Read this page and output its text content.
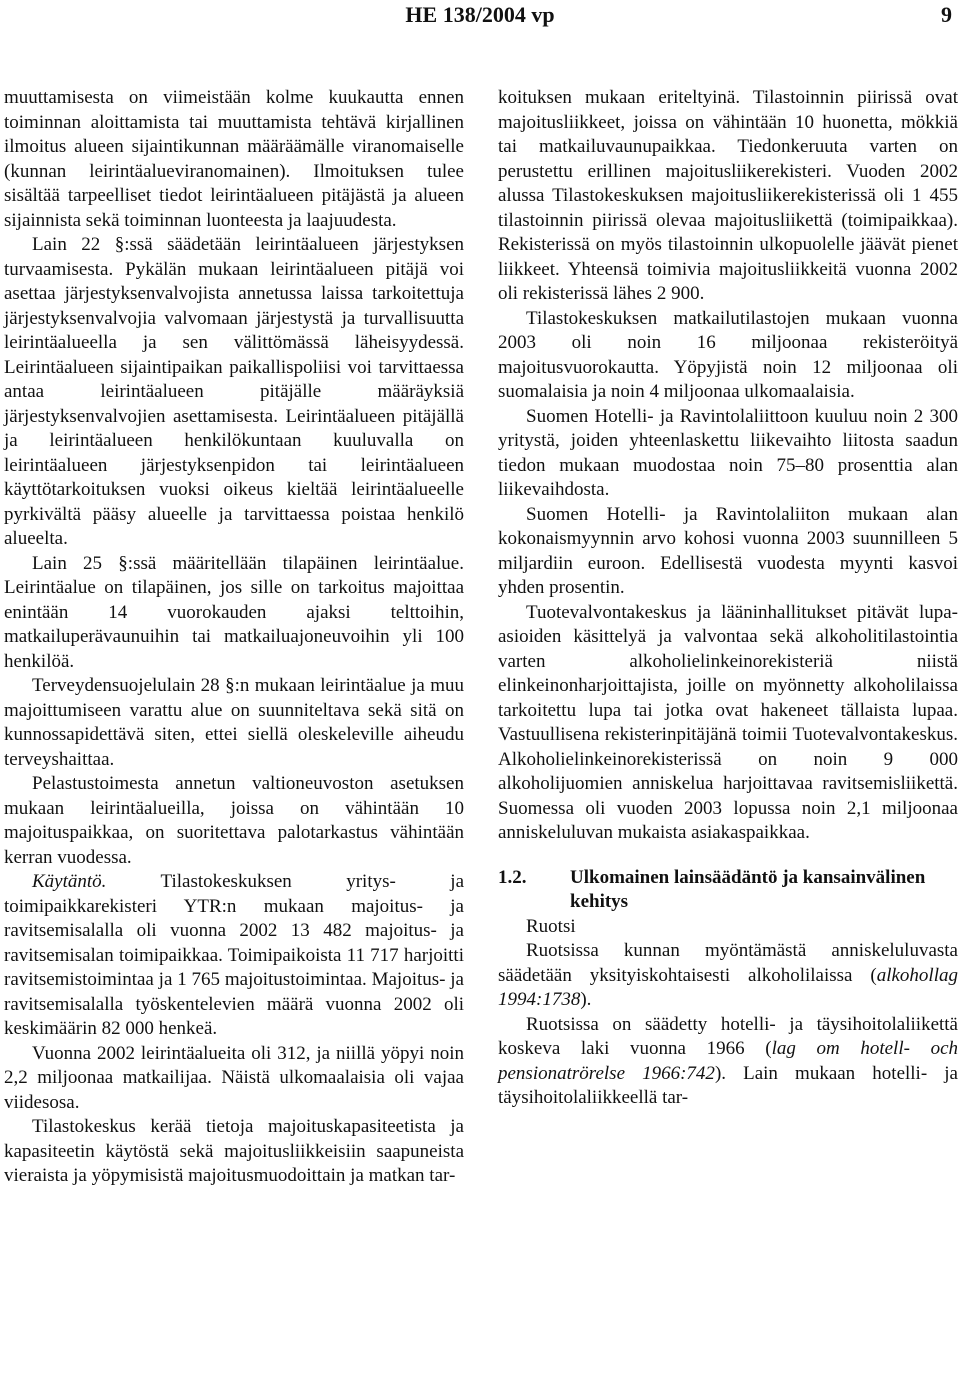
HE 138/2004 vp	9

muuttamisesta on viimeistään kolme kuukautta ennen toiminnan aloittamista tai muuttamista tehtävä kirjallinen ilmoitus alueen sijaintikunnan määräämälle viranomaiselle (kunnan leirintäalueviranomainen). Ilmoituksen tulee sisältää tarpeelliset tiedot leirintäalueen pitäjästä ja alueen sijainnista sekä toiminnan luonteesta ja laajuudesta.

Lain 22 §:ssä säädetään leirintäalueen järjestyksen turvaamisesta. Pykälän mukaan leirintäalueen pitäjä voi asettaa järjestyksenvalvojista annetussa laissa tarkoitettuja järjestyksenvalvojia valvomaan järjestystä ja turvallisuutta leirintäalueella ja sen välittömässä läheisyydessä. Leirintäalueen sijaintipaikan paikallispoliisi voi tarvittaessa antaa leirintäalueen pitäjälle määräyksiä järjestyksenvalvojien asettamisesta. Leirintäalueen pitäjällä ja leirintäalueen henkilökuntaan kuuluvalla on leirintäalueen järjestyksenpidon tai leirintäalueen käyttötarkoituksen vuoksi oikeus kieltää leirintäalueelle pyrkivältä pääsy alueelle ja tarvittaessa poistaa henkilö alueelta.

Lain 25 §:ssä määritellään tilapäinen leirintäalue. Leirintäalue on tilapäinen, jos sille on tarkoitus majoittaa enintään 14 vuorokauden ajaksi telttoihin, matkailuperävaunuihin tai matkailuajoneuvoihin yli 100 henkilöä.

Terveydensuojelulain 28 §:n mukaan leirintäalue ja muu majoittumiseen varattu alue on suunniteltava sekä sitä on kunnossapidettävä siten, ettei siellä oleskeleville aiheudu terveyshaittaa.

Pelastustoimesta annetun valtioneuvoston asetuksen mukaan leirintäalueilla, joissa on vähintään 10 majoituspaikkaa, on suoritettava palotarkastus vähintään kerran vuodessa.

Käytäntö. Tilastokeskuksen yritys- ja toimipaikkarekisteri YTR:n mukaan majoitus- ja ravitsemisalalla oli vuonna 2002 13 482 majoitus- ja ravitsemisalan toimipaikkaa. Toimipaikoista 11 717 harjoitti ravitsemistoimintaa ja 1 765 majoitustoimintaa. Majoitus- ja ravitsemisalalla työskentelevien määrä vuonna 2002 oli keskimäärin 82 000 henkeä.

Vuonna 2002 leirintäalueita oli 312, ja niillä yöpyi noin 2,2 miljoonaa matkailijaa. Näistä ulkomaalaisia oli vajaa viidesosa.

Tilastokeskus kerää tietoja majoituskapasiteetista ja kapasiteetin käytöstä sekä majoitusliikkeisiin saapuneista vieraista ja yöpymisistä majoitusmuodoittain ja matkan tar-

koituksen mukaan eriteltyinä. Tilastoinnin piirissä ovat majoitusliikkeet, joissa on vähintään 10 huonetta, mökkiä tai matkailuvaunupaikkaa. Tiedonkeruuta varten on perustettu erillinen majoitusliikerekisteri. Vuoden 2002 alussa Tilastokeskuksen majoitusliikerekisterissä oli 1 455 tilastoinnin piirissä olevaa majoitusliikettä (toimipaikkaa). Rekisterissä on myös tilastoinnin ulkopuolelle jäävät pienet liikkeet. Yhteensä toimivia majoitusliikkeitä vuonna 2002 oli rekisterissä lähes 2 900.

Tilastokeskuksen matkailutilastojen mukaan vuonna 2003 oli noin 16 miljoonaa rekisteröityä majoitusvuorokautta. Yöpyjistä noin 12 miljoonaa oli suomalaisia ja noin 4 miljoonaa ulkomaalaisia.

Suomen Hotelli- ja Ravintolaliittoon kuuluu noin 2 300 yritystä, joiden yhteenlaskettu liikevaihto liitosta saadun tiedon mukaan muodostaa noin 75–80 prosenttia alan liikevaihdosta.

Suomen Hotelli- ja Ravintolaliiton mukaan alan kokonaismyynnin arvo kohosi vuonna 2003 suunnilleen 5 miljardiin euroon. Edellisestä vuodesta myynti kasvoi yhden prosentin.

Tuotevalvontakeskus ja lääninhallitukset pitävät lupa-asioiden käsittelyä ja valvontaa sekä alkoholitilastointia varten alkoholielinkeinorekisteriä niistä elinkeinonharjoittajista, joille on myönnetty alkoholilaissa tarkoitettu lupa tai jotka ovat hakeneet tällaista lupaa. Vastuullisena rekisterinpitäjänä toimii Tuotevalvontakeskus. Alkoholielinkeinorekisterissä on noin 9 000 alkoholijuomien anniskelua harjoittavaa ravitsemisliikettä. Suomessa oli vuoden 2003 lopussa noin 2,1 miljoonaa anniskeluluvan mukaista asiakaspaikkaa.

1.2.	Ulkomainen lainsäädäntö ja kansainvälinen kehitys

Ruotsi

Ruotsissa kunnan myöntämästä anniskeluluvasta säädetään yksityiskohtaisesti alkoholilaissa (alkohollag 1994:1738).

Ruotsissa on säädetty hotelli- ja täysihoitolaliikettä koskeva laki vuonna 1966 (lag om hotell- och pensionatrörelse 1966:742). Lain mukaan hotelli- ja täysihoitolaliikkeellä tar-
